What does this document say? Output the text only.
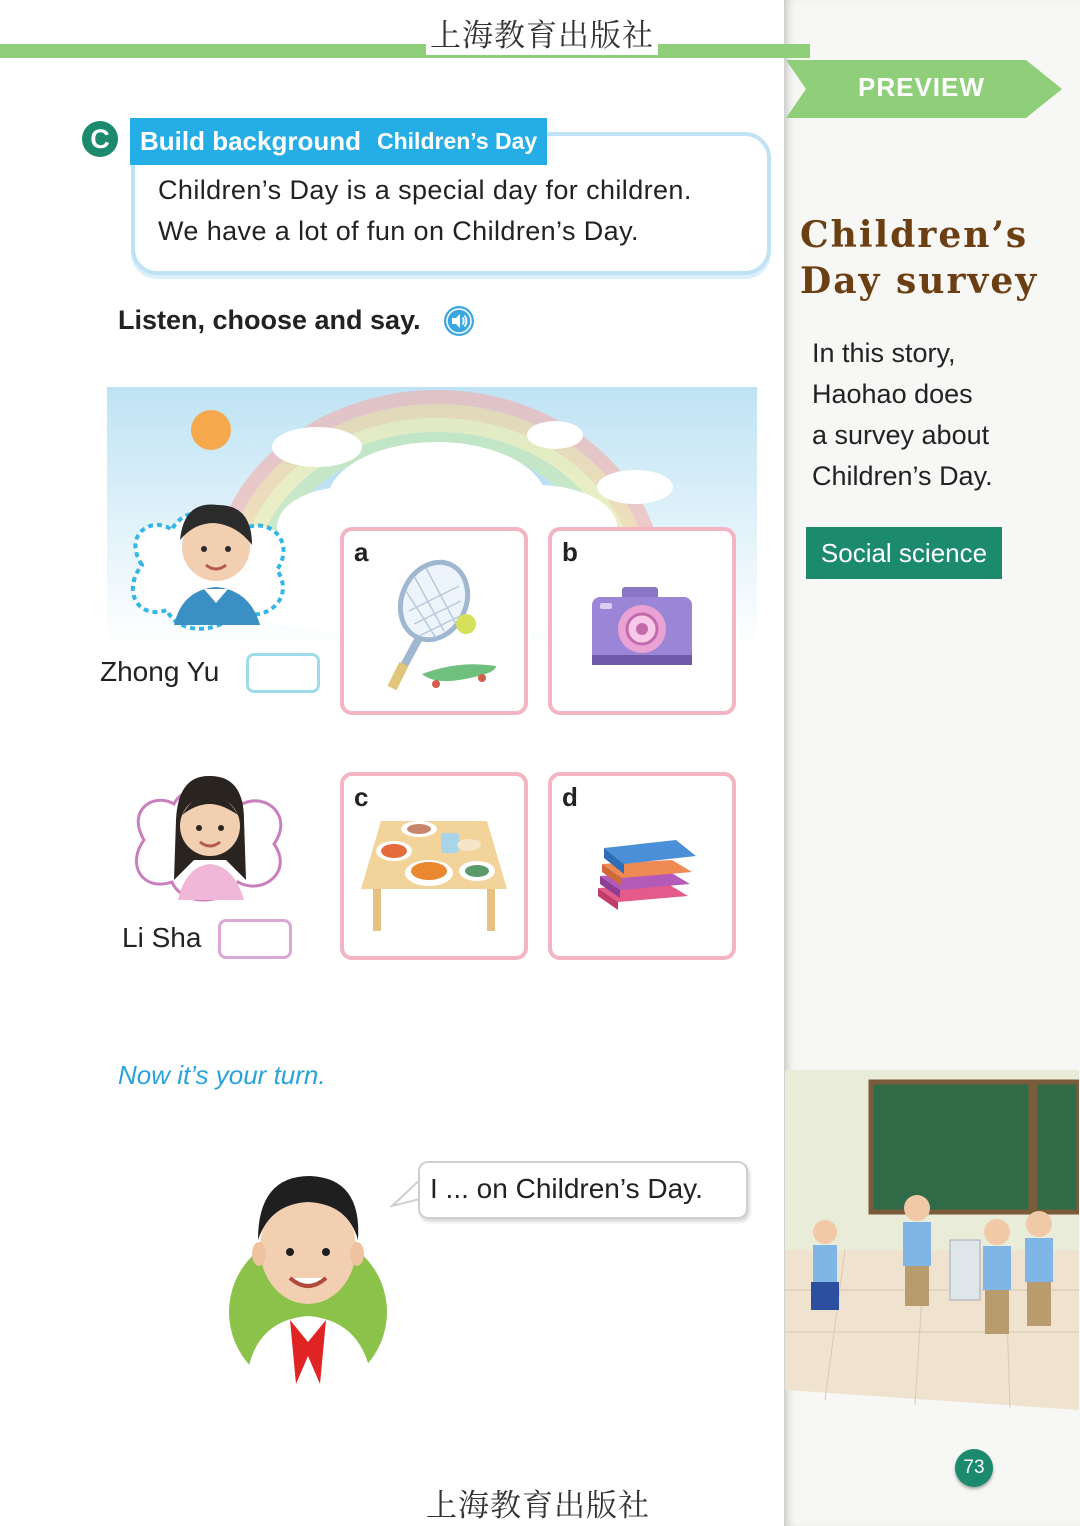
上海教育出版社
PREVIEW
Children’s
Day survey
In this story,
Haohao does
a survey about
Children’s Day.
Social science
73
Build background Children’s Day
C
Children’s Day is a special day for children.
We have a lot of fun on Children’s Day.
Listen, choose and say.
Zhong Yu
Li Sha
a	b
c	d
Now it’s your turn.
I ... on Children’s Day.
上海教育出版社
